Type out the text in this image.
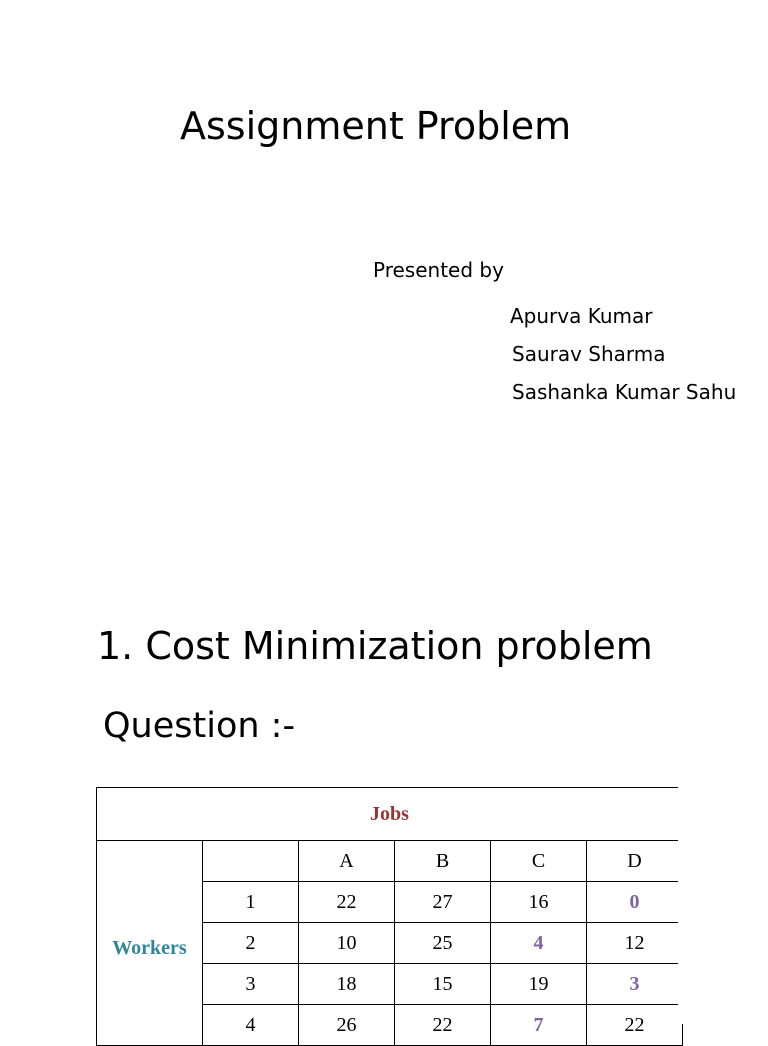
Assignment Problem
Presented by
Apurva Kumar
Saurav Sharma
Sashanka Kumar Sahu
1. Cost Minimization problem
Question :-
Jobs					
Workers		A	B	C	D
	1	22	27	16	0
	2	10	25	4	12
	3	18	15	19	3
	4	26	22	7	22
